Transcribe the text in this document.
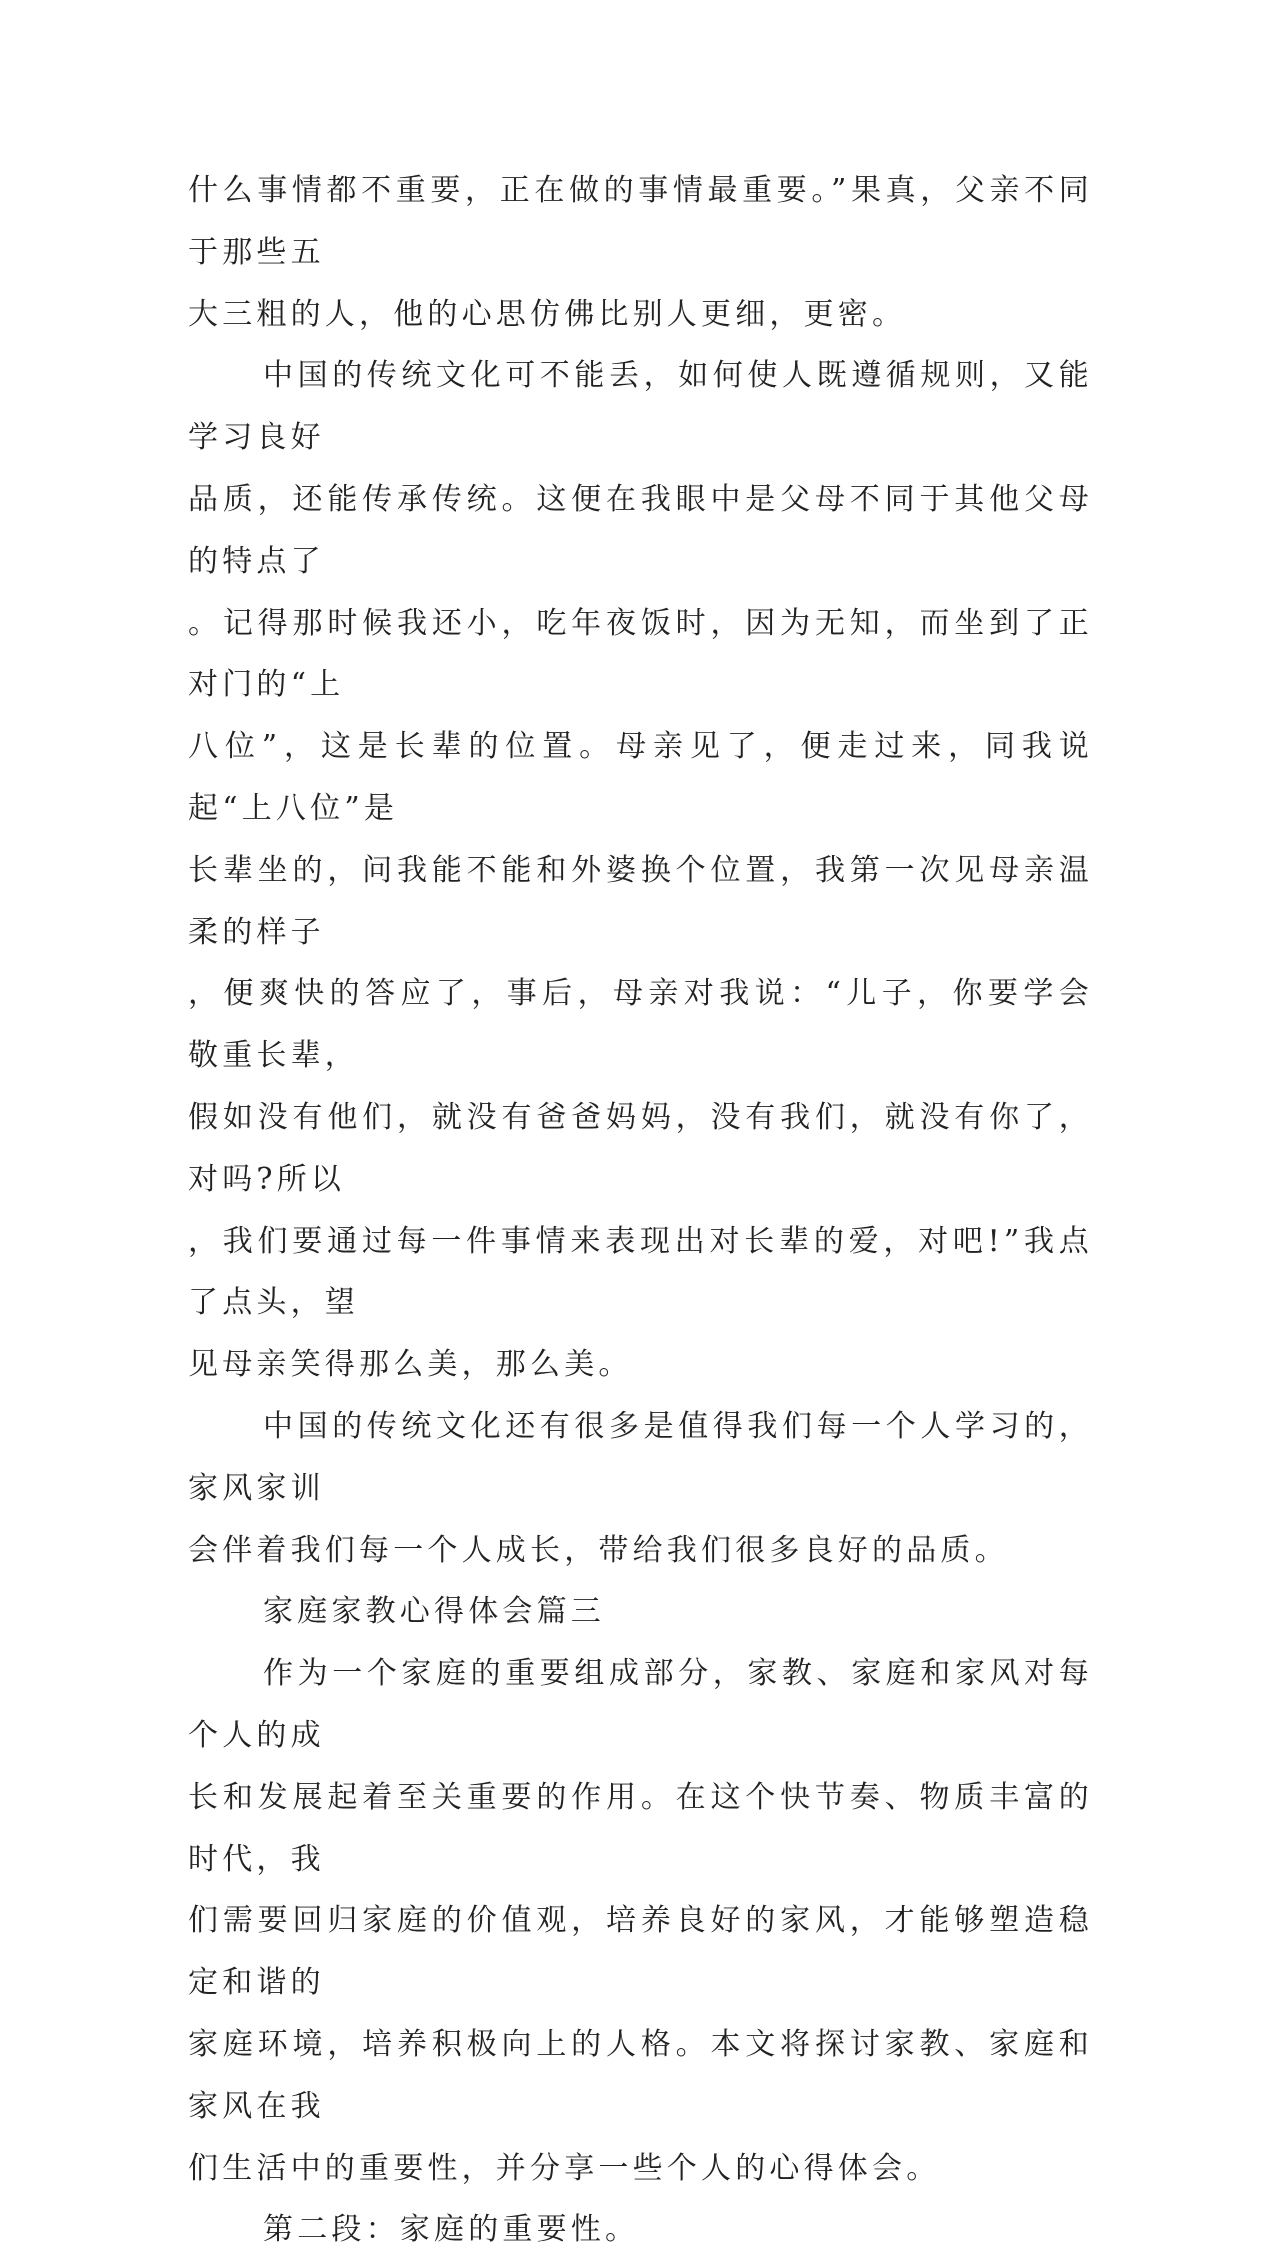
什么事情都不重要，正在做的事情最重要。”果真，父亲不同于那些五
大三粗的人，他的心思仿佛比别人更细，更密。

中国的传统文化可不能丢，如何使人既遵循规则，又能学习良好
品质，还能传承传统。这便在我眼中是父母不同于其他父母的特点了
。记得那时候我还小，吃年夜饭时，因为无知，而坐到了正对门的“上
八位”，这是长辈的位置。母亲见了，便走过来，同我说起“上八位”是
长辈坐的，问我能不能和外婆换个位置，我第一次见母亲温柔的样子
，便爽快的答应了，事后，母亲对我说：“儿子，你要学会敬重长辈，
假如没有他们，就没有爸爸妈妈，没有我们，就没有你了，对吗?所以
，我们要通过每一件事情来表现出对长辈的爱，对吧!”我点了点头，望
见母亲笑得那么美，那么美。

中国的传统文化还有很多是值得我们每一个人学习的，家风家训
会伴着我们每一个人成长，带给我们很多良好的品质。

家庭家教心得体会篇三

作为一个家庭的重要组成部分，家教、家庭和家风对每个人的成
长和发展起着至关重要的作用。在这个快节奏、物质丰富的时代，我
们需要回归家庭的价值观，培养良好的家风，才能够塑造稳定和谐的
家庭环境，培养积极向上的人格。本文将探讨家教、家庭和家风在我
们生活中的重要性，并分享一些个人的心得体会。

第二段：家庭的重要性。
